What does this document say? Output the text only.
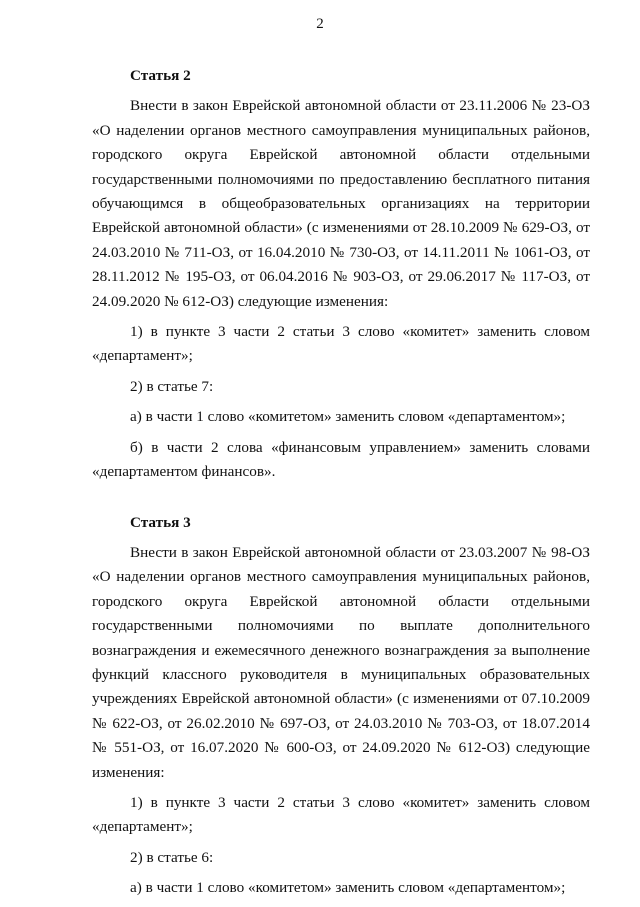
2

Статья 2

Внести в закон Еврейской автономной области от 23.11.2006 № 23-ОЗ «О наделении органов местного самоуправления муниципальных районов, городского округа Еврейской автономной области отдельными государственными полномочиями по предоставлению бесплатного питания обучающимся в общеобразовательных организациях на территории Еврейской автономной области» (с изменениями от 28.10.2009 № 629-ОЗ, от 24.03.2010 № 711-ОЗ, от 16.04.2010 № 730-ОЗ, от 14.11.2011 № 1061-ОЗ, от 28.11.2012 № 195-ОЗ, от 06.04.2016 № 903-ОЗ, от 29.06.2017 № 117-ОЗ, от 24.09.2020 № 612-ОЗ) следующие изменения:

1) в пункте 3 части 2 статьи 3 слово «комитет» заменить словом «департамент»;

2) в статье 7:

а) в части 1 слово «комитетом» заменить словом «департаментом»;

б) в части 2 слова «финансовым управлением» заменить словами «департаментом финансов».

Статья 3

Внести в закон Еврейской автономной области от 23.03.2007 № 98-ОЗ «О наделении органов местного самоуправления муниципальных районов, городского округа Еврейской автономной области отдельными государственными полномочиями по выплате дополнительного вознаграждения и ежемесячного денежного вознаграждения за выполнение функций классного руководителя в муниципальных образовательных учреждениях Еврейской автономной области» (с изменениями от 07.10.2009 № 622-ОЗ, от 26.02.2010 № 697-ОЗ, от 24.03.2010 № 703-ОЗ, от 18.07.2014 № 551-ОЗ, от 16.07.2020 № 600-ОЗ, от 24.09.2020 № 612-ОЗ) следующие изменения:

1) в пункте 3 части 2 статьи 3 слово «комитет» заменить словом «департамент»;

2) в статье 6:

а) в части 1 слово «комитетом» заменить словом «департаментом»;
